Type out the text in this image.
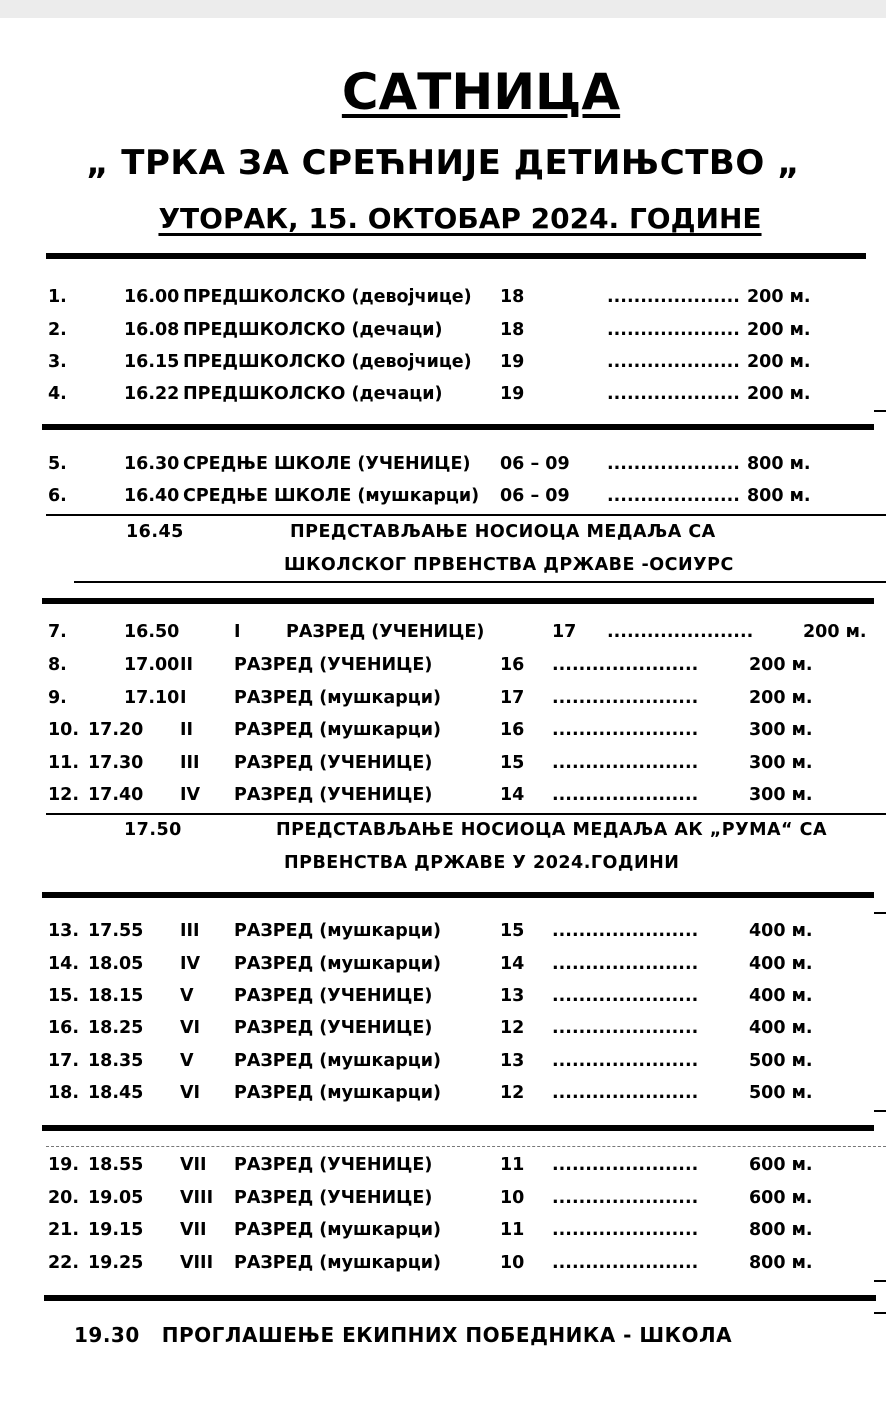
САТНИЦА
„ ТРКА ЗА СРЕЋНИЈЕ ДЕТИЊСТВО „
УТОРАК, 15. ОКТОБАР 2024. ГОДИНЕ
1.	16.00 ПРЕДШКОЛСКО (девојчице) 18	.................... 200 м.
2.	16.08 ПРЕДШКОЛСКО (дечаци)	18	.................... 200 м.
3.	16.15 ПРЕДШКОЛСКО (девојчице) 19	.................... 200 м.
4.	16.22 ПРЕДШКОЛСКО (дечаци)	19	.................... 200 м.
5.	16.30 СРЕДЊЕ ШКОЛЕ (УЧЕНИЦЕ) 06 – 09 .................... 800 м.
6.	16.40 СРЕДЊЕ ШКОЛЕ (мушкарци) 06 – 09 .................... 800 м.
7.	16.50	I	РАЗРЕД (УЧЕНИЦЕ)	17 ......................	200 м.
8.	17.00 II РАЗРЕД (УЧЕНИЦЕ)	16 ......................	200 м.
9.	17.10 I	РАЗРЕД (мушкарци)	17 ......................	200 м.
10. 17.20 II РАЗРЕД (мушкарци)	16 ......................	300 м.
11. 17.30 III РАЗРЕД (УЧЕНИЦЕ)	15 ......................	300 м.
12. 17.40 IV РАЗРЕД (УЧЕНИЦЕ)	14 ......................	300 м.
13. 17.55 III РАЗРЕД (мушкарци)	15 ......................	400 м.
14. 18.05 IV РАЗРЕД (мушкарци)	14 ......................	400 м.
15. 18.15 V РАЗРЕД (УЧЕНИЦЕ)	13 ......................	400 м.
16. 18.25 VI РАЗРЕД (УЧЕНИЦЕ)	12 ......................	400 м.
17. 18.35 V РАЗРЕД (мушкарци)	13 ......................	500 м.
18. 18.45 VI РАЗРЕД (мушкарци)	12 ......................	500 м.
19. 18.55 VII РАЗРЕД (УЧЕНИЦЕ)	11 ......................	600 м.
20. 19.05 VIII РАЗРЕД (УЧЕНИЦЕ)	10 ......................	600 м.
21. 19.15 VII РАЗРЕД (мушкарци)	11 ......................	800 м.
22. 19.25 VIII РАЗРЕД (мушкарци)	10 ......................	800 м.
16.45	ПРЕДСТАВЉАЊЕ НОСИОЦА МЕДАЉА СА
ШКОЛСКОГ ПРВЕНСТВА ДРЖАВЕ -ОСИУРС
17.50	ПРЕДСТАВЉАЊЕ НОСИОЦА МЕДАЉА АК „РУМА“ СА
ПРВЕНСТВА ДРЖАВЕ У 2024.ГОДИНИ
19.30 ПРОГЛАШЕЊЕ ЕКИПНИХ ПОБЕДНИКА - ШКОЛА
